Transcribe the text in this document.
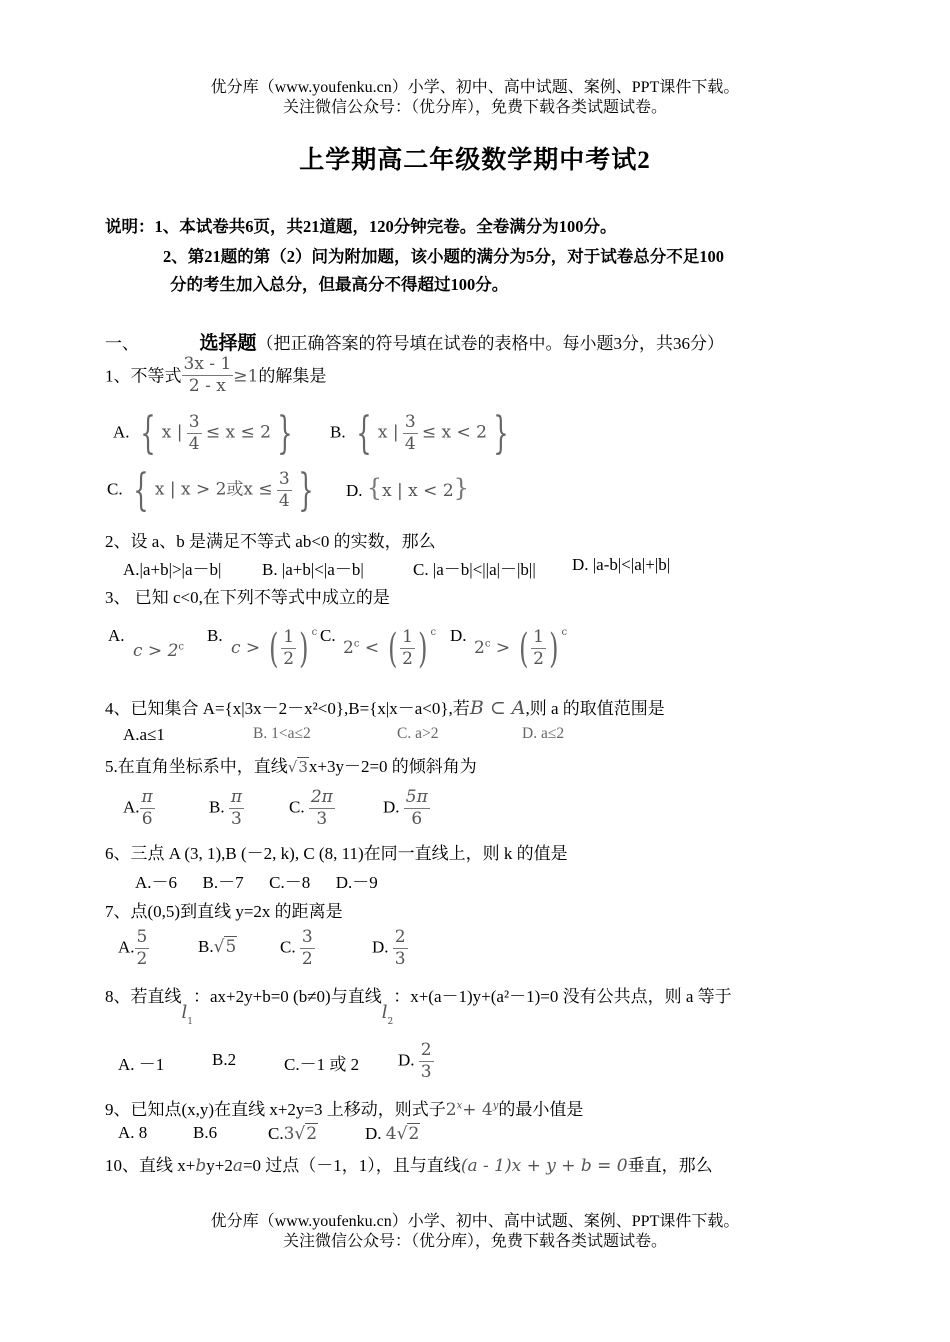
优分库（www.youfenku.cn）小学、初中、高中试题、案例、PPT课件下载。
关注微信公众号：（优分库），免费下载各类试题试卷。
上学期高二年级数学期中考试2
说明：1、本试卷共6页，共21道题，120分钟完卷。全卷满分为100分。
2、第21题的第（2）问为附加题，该小题的满分为5分，对于试卷总分不足100
分的考生加入总分，但最高分不得超过100分。
一、	选择题（把正确答案的符号填在试卷的表格中。每小题3分，共36分）
1、不等式 $\frac{3x - 1}{2 - x} \ge 1$的解集是
A. { x | $\frac{3}{4} \le x \le 2$ }	B. { x | $\frac{3}{4} \le x < 2$ }
C. { x | x > 2或$x \le \frac{3}{4}$ }	D. {x | x < 2}
2、设 a、b 是满足不等式 ab<0 的实数，那么
A.|a+b|>|a－b| B. |a+b|<|a－b|	C. |a－b|<||a|－|b|| D. |a-b|<|a|+|b|
3、 已知 c<0,在下列不等式中成立的是
A.
$c > 2^c$
B.
c > ( $\frac{1}{2}$ ) $^c$ C.
$2^c$ < ( $\frac{1}{2}$ ) $^c$ D.
$2^c$ > ( $\frac{1}{2}$ ) $^c$
4、已知集合 A={x|3x－2－x²<0},B={x|x－a<0},若B ⊂ A,则 a 的取值范围是
A.a≤1	B. 1<a≤2	C. a>2	D. a≤2
5.在直角坐标系中，直线√3x+3y－2=0 的倾斜角为
A. $\frac{\pi}{6}$	B. $\frac{\pi}{3}$	C. $\frac{2\pi}{3}$	D. $\frac{5\pi}{6}$
6、三点 A (3, 1),B (－2, k), C (8, 11)在同一直线上，则 k 的值是
A.－6      B.－7      C.－8      D.－9
7、点(0,5)到直线 y=2x 的距离是
A. $\frac{5}{2}$	B.√5	C. $\frac{3}{2}$	D. $\frac{2}{3}$
8、若直线$l_1$：ax+2y+b=0 (b≠0)与直线$l_2$：x+(a－1)y+(a²－1)=0 没有公共点，则 a 等于
A. －1	B.2	C.－1 或 2 D. $\frac{2}{3}$
9、已知点(x,y)在直线 x+2y=3 上移动，则式子$2^x+ 4^y$的最小值是
A. 8	B.6	C.3√2	D. 4√2
10、直线 x+by+2a=0 过点（－1，1），且与直线(a - 1)x + y + b = 0垂直，那么
优分库（www.youfenku.cn）小学、初中、高中试题、案例、PPT课件下载。
关注微信公众号：（优分库），免费下载各类试题试卷。
